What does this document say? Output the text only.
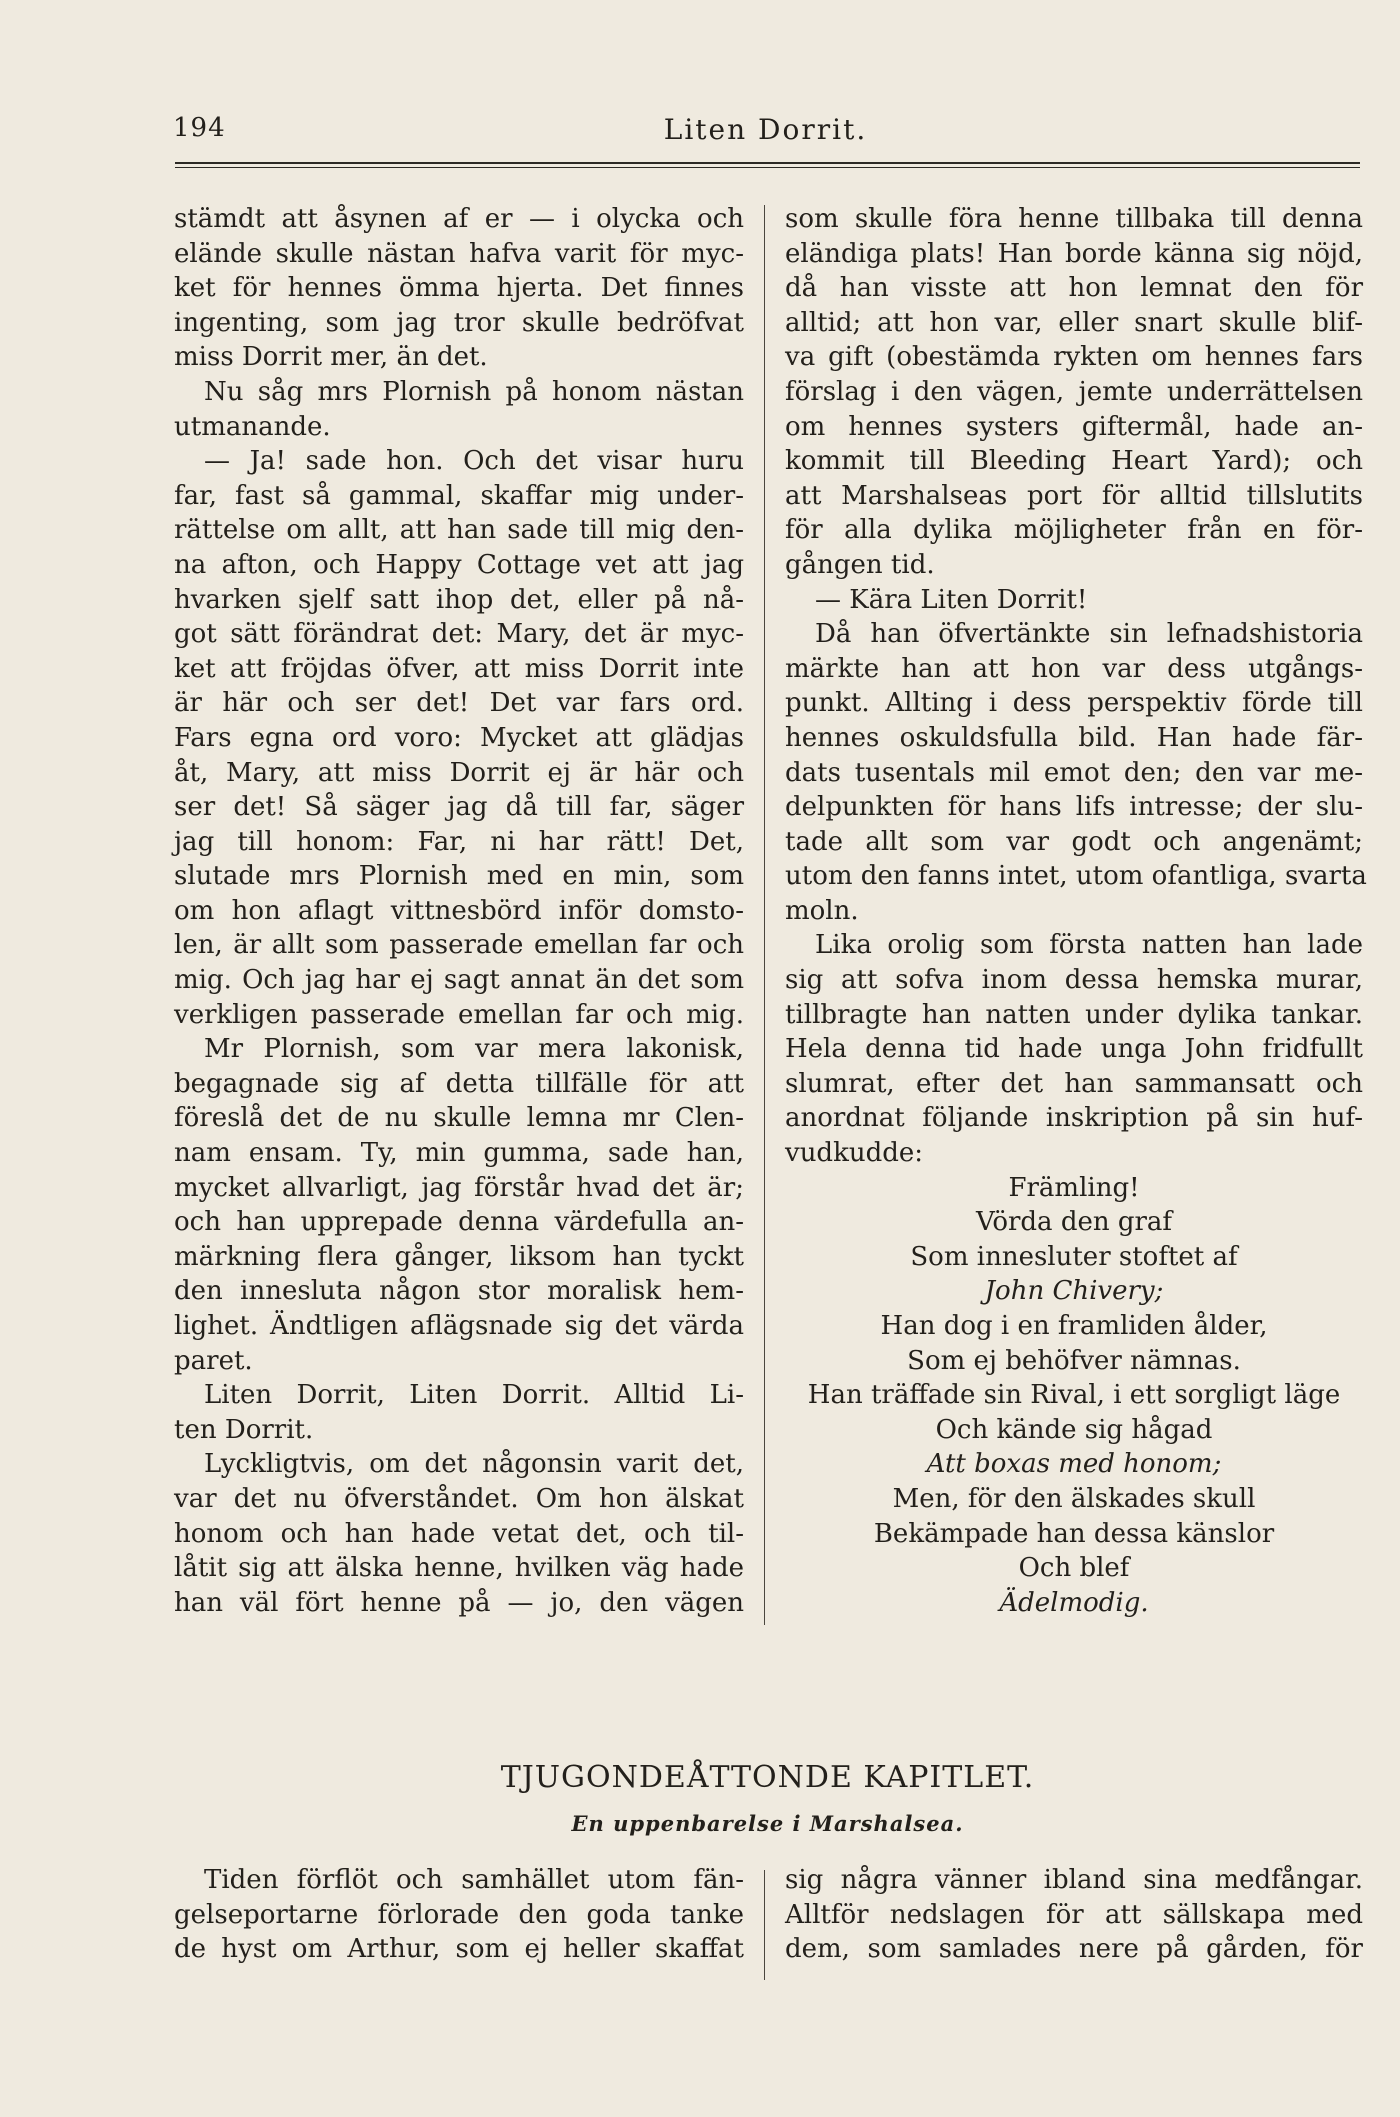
194	Liten Dorrit.
stämdt att åsynen af er — i olycka och
elände skulle nästan hafva varit för myc-
ket för hennes ömma hjerta. Det finnes
ingenting, som jag tror skulle bedröfvat
miss Dorrit mer, än det.
Nu såg mrs Plornish på honom nästan
utmanande.
— Ja! sade hon. Och det visar huru
far, fast så gammal, skaffar mig under-
rättelse om allt, att han sade till mig den-
na afton, och Happy Cottage vet att jag
hvarken sjelf satt ihop det, eller på nå-
got sätt förändrat det: Mary, det är myc-
ket att fröjdas öfver, att miss Dorrit inte
är här och ser det! Det var fars ord.
Fars egna ord voro: Mycket att glädjas
åt, Mary, att miss Dorrit ej är här och
ser det! Så säger jag då till far, säger
jag till honom: Far, ni har rätt! Det,
slutade mrs Plornish med en min, som
om hon aflagt vittnesbörd inför domsto-
len, är allt som passerade emellan far och
mig. Och jag har ej sagt annat än det som
verkligen passerade emellan far och mig.
Mr Plornish, som var mera lakonisk,
begagnade sig af detta tillfälle för att
föreslå det de nu skulle lemna mr Clen-
nam ensam. Ty, min gumma, sade han,
mycket allvarligt, jag förstår hvad det är;
och han upprepade denna värdefulla an-
märkning flera gånger, liksom han tyckt
den inneslutа någon stor moralisk hem-
lighet. Ändtligen aflägsnade sig det värda
paret.
Liten Dorrit, Liten Dorrit. Alltid Li-
ten Dorrit.
Lyckligtvis, om det någonsin varit det,
var det nu öfverståndet. Om hon älskat
honom och han hade vetat det, och til-
låtit sig att älska henne, hvilken väg hade
han väl fört henne på — jo, den vägen
som skulle föra henne tillbaka till denna
eländiga plats! Han borde känna sig nöjd,
då han visste att hon lemnat den för
alltid; att hon var, eller snart skulle blif-
va gift (obestämda rykten om hennes fars
förslag i den vägen, jemte underrättelsen
om hennes systers giftermål, hade an-
kommit till Bleeding Heart Yard); och
att Marshalseas port för alltid tillslutits
för alla dylika möjligheter från en för-
gången tid.
— Kära Liten Dorrit!
Då han öfvertänkte sin lefnadshistoria
märkte han att hon var dess utgångs-
punkt. Allting i dess perspektiv förde till
hennes oskuldsfulla bild. Han hade fär-
dats tusentals mil emot den; den var me-
delpunkten för hans lifs intresse; der slu-
tade allt som var godt och angenämt;
utom den fanns intet, utom ofantliga, svarta
moln.
Lika orolig som första natten han lade
sig att sofva inom dessa hemska murar,
tillbragte han natten under dylika tankar.
Hela denna tid hade unga John fridfullt
slumrat, efter det han sammansatt och
anordnat följande inskription på sin huf-
vudkudde:
Främling!
Vörda den graf
Som innesluter stoftet af
John Chivery;
Han dog i en framliden ålder,
Som ej behöfver nämnas.
Han träffade sin Rival, i ett sorgligt läge
Och kände sig hågad
Att boxas med honom;
Men, för den älskades skull
Bekämpade han dessa känslor
Och blef
Ädelmodig.
TJUGONDEÅTTONDE KAPITLET.
En uppenbarelse i Marshalsea.
Tiden förflöt och samhället utom fän-
gelseportarne förlorade den goda tanke
de hyst om Arthur, som ej heller skaffat
sig några vänner ibland sina medfångar.
Alltför nedslagen för att sällskapa med
dem, som samlades nere på gården, för
